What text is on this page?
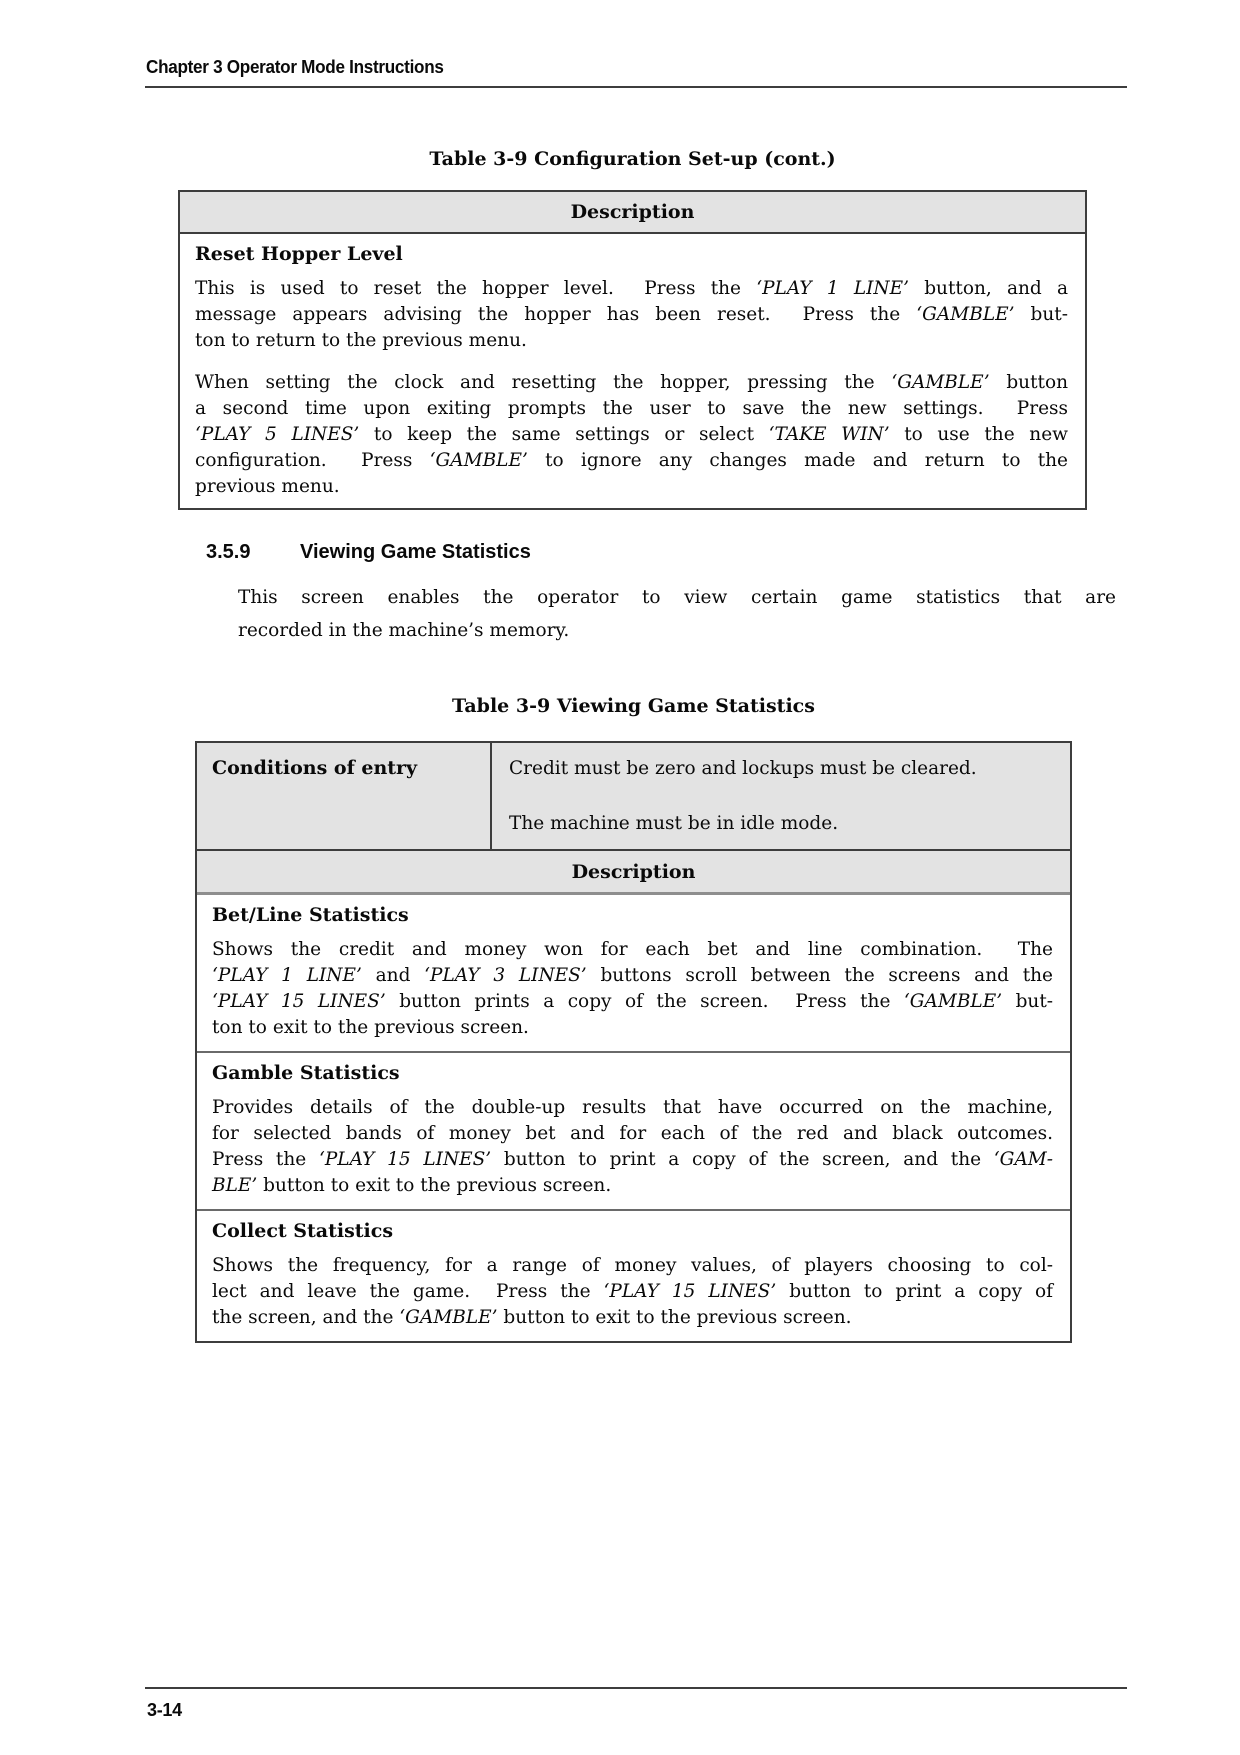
Chapter 3 Operator Mode Instructions
Table 3-9 Configuration Set-up (cont.)
Description
Reset Hopper Level
This is used to reset the hopper level.  Press the ‘PLAY 1 LINE’ button, and a
message appears advising the hopper has been reset.  Press the ‘GAMBLE’ but-
ton to return to the previous menu.
When setting the clock and resetting the hopper, pressing the ‘GAMBLE’ button
a second time upon exiting prompts the user to save the new settings.  Press
‘PLAY 5 LINES’ to keep the same settings or select ‘TAKE WIN’ to use the new
configuration.  Press ‘GAMBLE’ to ignore any changes made and return to the
previous menu.
3.5.9 Viewing Game Statistics
This screen enables the operator to view certain game statistics that are
recorded in the machine’s memory.
Table 3-9 Viewing Game Statistics
Conditions of entry	Credit must be zero and lockups must be cleared.
The machine must be in idle mode.
Description
Bet/Line Statistics
Shows the credit and money won for each bet and line combination.  The
‘PLAY 1 LINE’ and ‘PLAY 3 LINES’ buttons scroll between the screens and the
‘PLAY 15 LINES’ button prints a copy of the screen.  Press the ‘GAMBLE’ but-
ton to exit to the previous screen.
Gamble Statistics
Provides details of the double-up results that have occurred on the machine,
for selected bands of money bet and for each of the red and black outcomes.
Press the ‘PLAY 15 LINES’ button to print a copy of the screen, and the ‘GAM-
BLE’ button to exit to the previous screen.
Collect Statistics
Shows the frequency, for a range of money values, of players choosing to col-
lect and leave the game.  Press the ‘PLAY 15 LINES’ button to print a copy of
the screen, and the ‘GAMBLE’ button to exit to the previous screen.
3-14
